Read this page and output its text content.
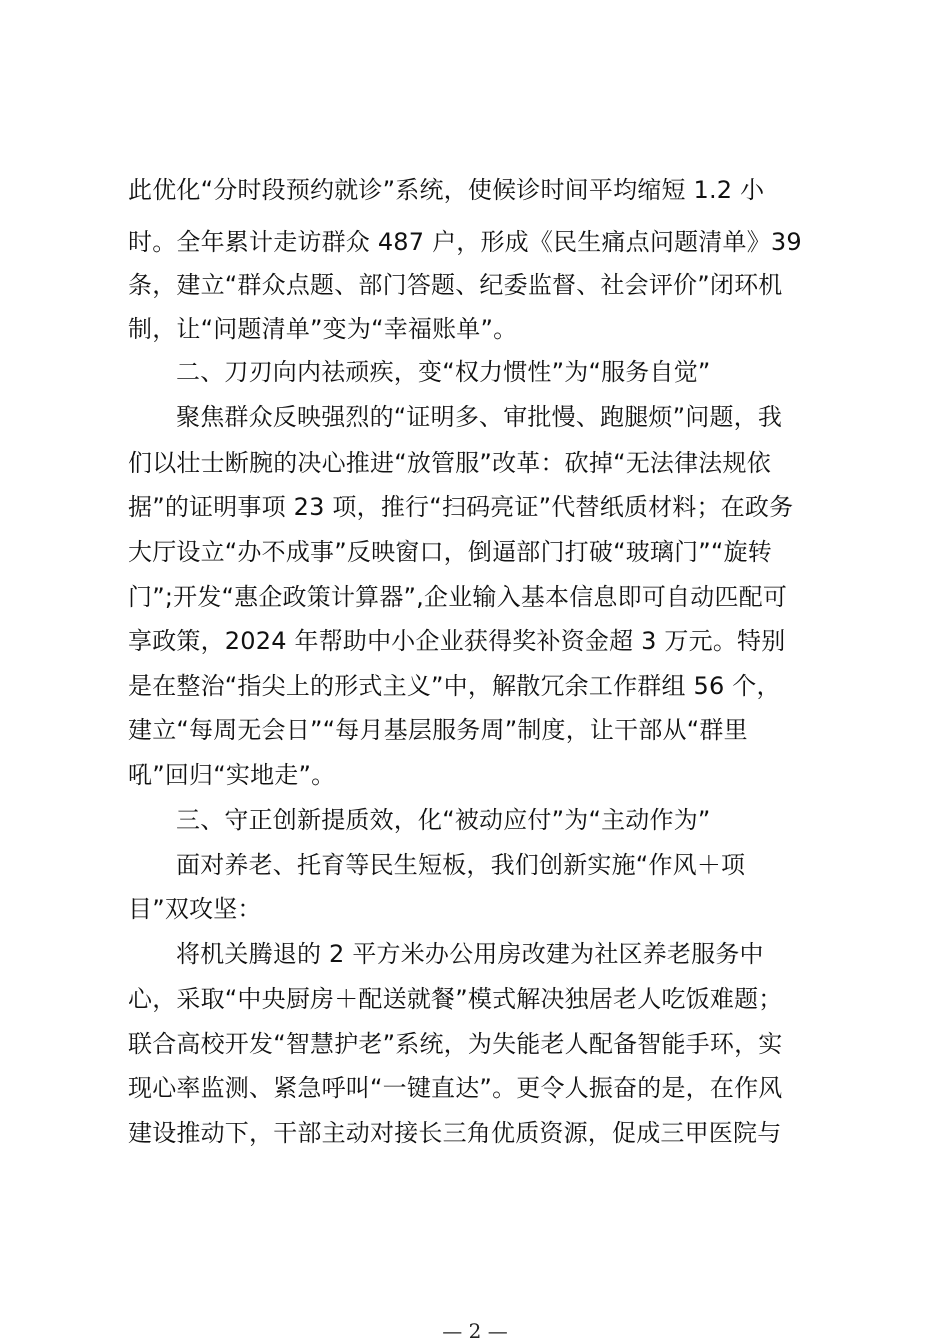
此优化“分时段预约就诊”系统，使候诊时间平均缩短 1.2 小
时。全年累计走访群众 487 户，形成《民生痛点问题清单》39
条，建立“群众点题、部门答题、纪委监督、社会评价”闭环机
制，让“问题清单”变为“幸福账单”。
二、刀刃向内祛顽疾，变“权力惯性”为“服务自觉”
聚焦群众反映强烈的“证明多、审批慢、跑腿烦”问题，我
们以壮士断腕的决心推进“放管服”改革：砍掉“无法律法规依
据”的证明事项 23 项，推行“扫码亮证”代替纸质材料；在政务
大厅设立“办不成事”反映窗口，倒逼部门打破“玻璃门”“旋转
门”;开发“惠企政策计算器”,企业输入基本信息即可自动匹配可
享政策，2024 年帮助中小企业获得奖补资金超 3 万元。特别
是在整治“指尖上的形式主义”中，解散冗余工作群组 56 个，
建立“每周无会日”“每月基层服务周”制度，让干部从“群里
吼”回归“实地走”。
三、守正创新提质效，化“被动应付”为“主动作为”
面对养老、托育等民生短板，我们创新实施“作风＋项
目”双攻坚：
将机关腾退的 2 平方米办公用房改建为社区养老服务中
心，采取“中央厨房＋配送就餐”模式解决独居老人吃饭难题；
联合高校开发“智慧护老”系统，为失能老人配备智能手环，实
现心率监测、紧急呼叫“一键直达”。更令人振奋的是，在作风
建设推动下，干部主动对接长三角优质资源，促成三甲医院与
— 2 —
